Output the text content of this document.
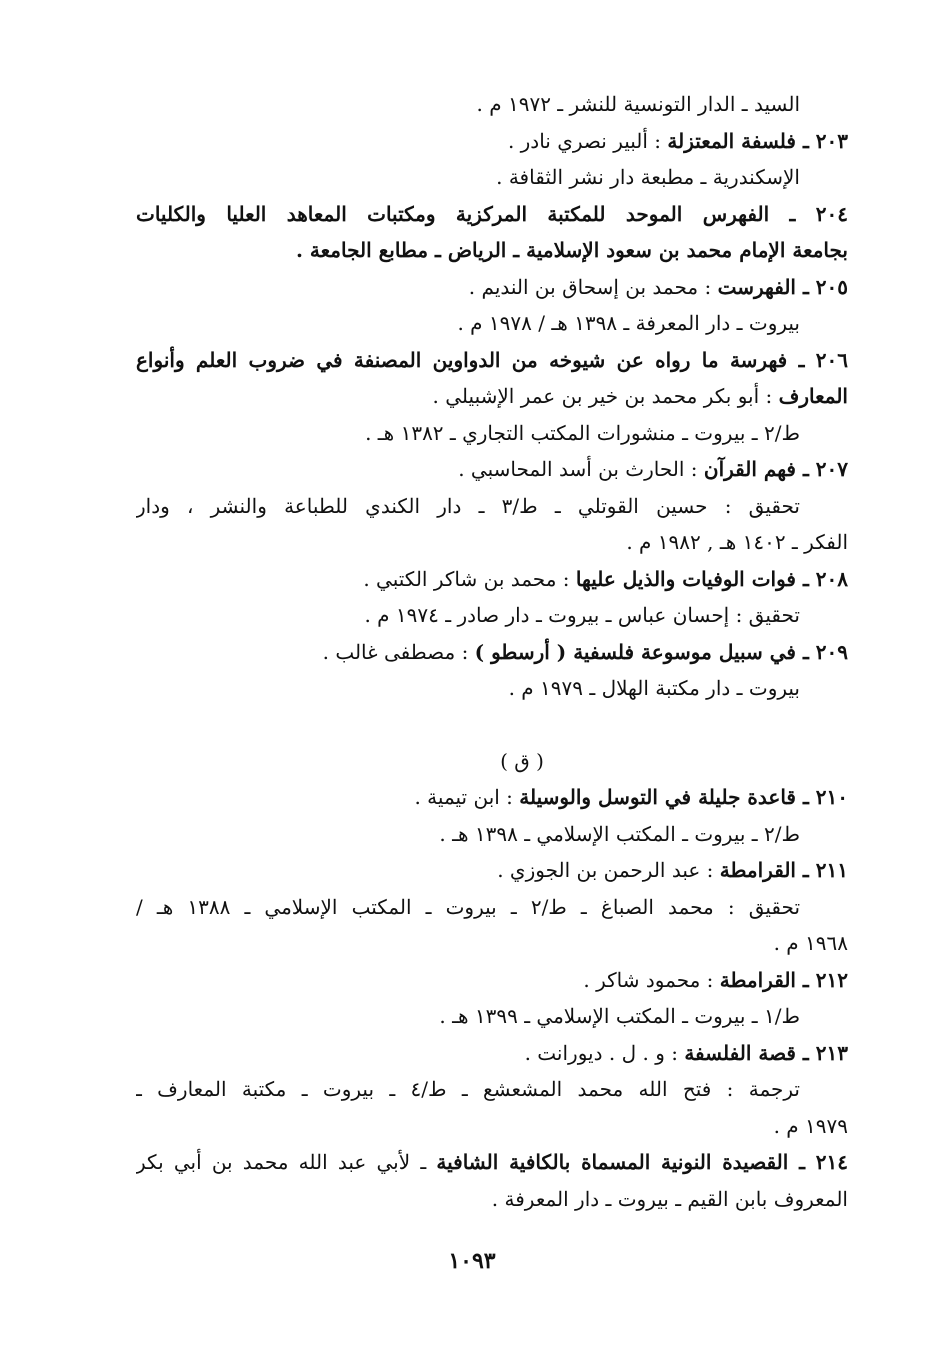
السيد ـ الدار التونسية للنشر ـ ١٩٧٢ م .
٢٠٣ ـ فلسفة المعتزلة : ألبير نصري نادر .
الإسكندرية ـ مطبعة دار نشر الثقافة .
٢٠٤ ـ الفهرس الموحد للمكتبة المركزية ومكتبات المعاهد العليا والكليات
بجامعة الإمام محمد بن سعود الإسلامية ـ الرياض ـ مطابع الجامعة .
٢٠٥ ـ الفهرست : محمد بن إسحاق بن النديم .
بيروت ـ دار المعرفة ـ ١٣٩٨ هـ / ١٩٧٨ م .
٢٠٦ ـ فهرسة ما رواه عن شيوخه من الدواوين المصنفة في ضروب العلم وأنواع
المعارف : أبو بكر محمد بن خير بن عمر الإشبيلي .
ط/٢ ـ بيروت ـ منشورات المكتب التجاري ـ ١٣٨٢ هـ .
٢٠٧ ـ فهم القرآن : الحارث بن أسد المحاسبي .
تحقيق : حسين القوتلي ـ ط/٣ ـ دار الكندي للطباعة والنشر ، ودار
الفكر ـ ١٤٠٢ هـ , ١٩٨٢ م .
٢٠٨ ـ فوات الوفيات والذيل عليها : محمد بن شاكر الكتبي .
تحقيق : إحسان عباس ـ بيروت ـ دار صادر ـ ١٩٧٤ م .
٢٠٩ ـ في سبيل موسوعة فلسفية ( أرسطو ) : مصطفى غالب .
بيروت ـ دار مكتبة الهلال ـ ١٩٧٩ م .
( ق )
٢١٠ ـ قاعدة جليلة في التوسل والوسيلة : ابن تيمية .
ط/٢ ـ بيروت ـ المكتب الإسلامي ـ ١٣٩٨ هـ .
٢١١ ـ القرامطة : عبد الرحمن بن الجوزي .
تحقيق : محمد الصباغ ـ ط/٢ ـ بيروت ـ المكتب الإسلامي ـ ١٣٨٨ هـ /
١٩٦٨ م .
٢١٢ ـ القرامطة : محمود شاكر .
ط/١ ـ بيروت ـ المكتب الإسلامي ـ ١٣٩٩ هـ .
٢١٣ ـ قصة الفلسفة : و . ل . ديورانت .
ترجمة : فتح الله محمد المشعشع ـ ط/٤ ـ بيروت ـ مكتبة المعارف ـ
١٩٧٩ م .
٢١٤ ـ القصيدة النونية المسماة بالكافية الشافية ـ لأبي عبد الله محمد بن أبي بكر
المعروف بابن القيم ـ بيروت ـ دار المعرفة .
١٠٩٣
